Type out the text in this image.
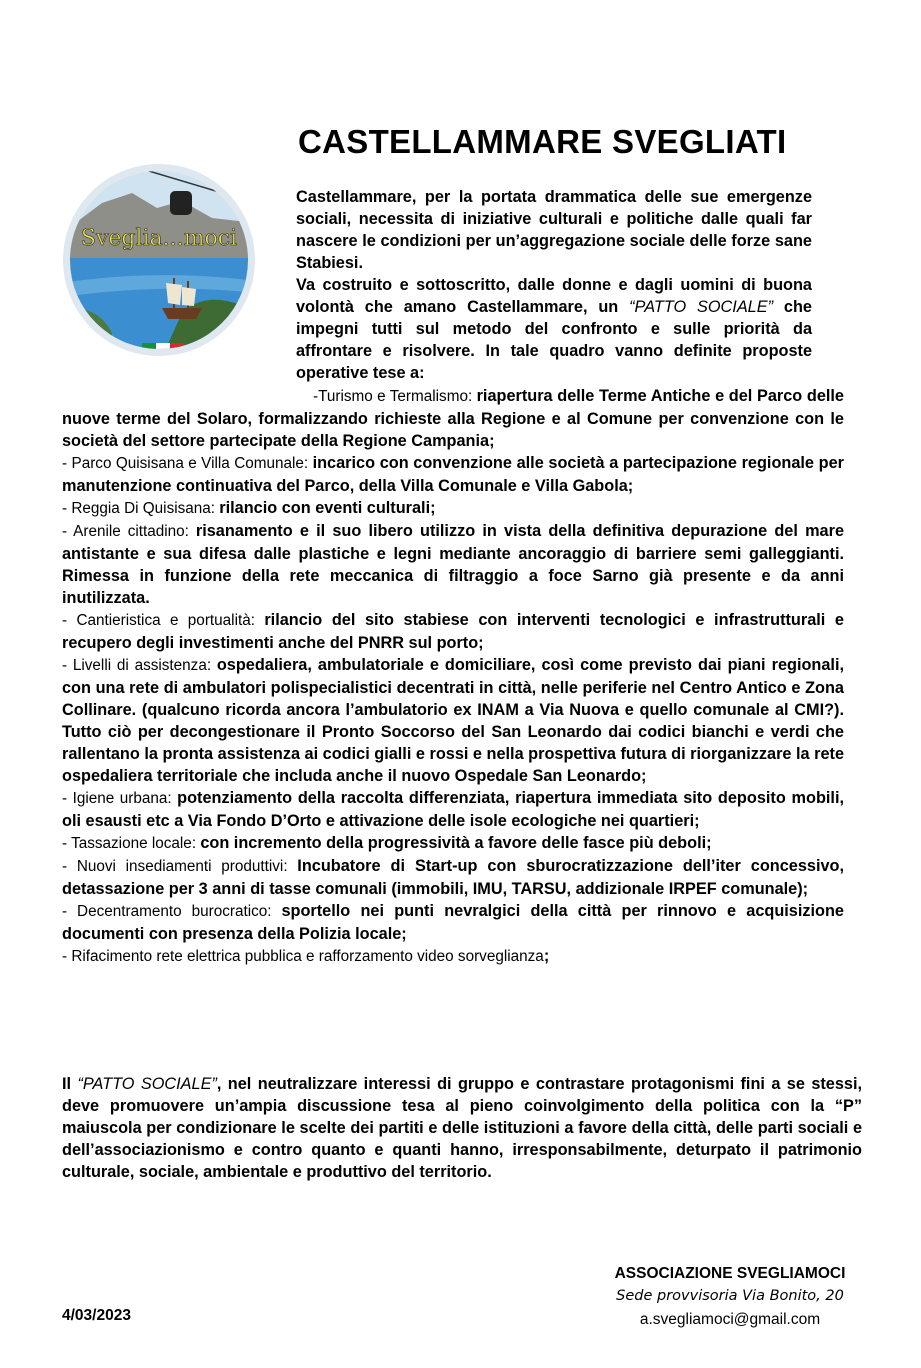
CASTELLAMMARE SVEGLIATI
Sveglia...moci

Castellammare, per la portata drammatica delle sue emergenze sociali, necessita di iniziative culturali e politiche dalle quali far nascere le condizioni per un’aggregazione sociale delle forze sane Stabiesi.

Va costruito e sottoscritto, dalle donne e dagli uomini di buona volontà che amano Castellammare, un “PATTO SOCIALE” che impegni tutti sul metodo del confronto e sulle priorità da affrontare e risolvere. In tale quadro vanno definite proposte operative tese a:

-Turismo e Termalismo: riapertura delle Terme Antiche e del Parco delle nuove terme del Solaro, formalizzando richieste alla Regione e al Comune per convenzione con le società del settore partecipate della Regione Campania;

- Parco Quisisana e Villa Comunale: incarico con convenzione alle società a partecipazione regionale per manutenzione continuativa del Parco, della Villa Comunale e Villa Gabola;

- Reggia Di Quisisana: rilancio con eventi culturali;

- Arenile cittadino: risanamento e il suo libero utilizzo in vista della definitiva depurazione del mare antistante e sua difesa dalle plastiche e legni mediante ancoraggio di barriere semi galleggianti. Rimessa in funzione della rete meccanica di filtraggio a foce Sarno già presente e da anni inutilizzata.

- Cantieristica e portualità: rilancio del sito stabiese con interventi tecnologici e infrastrutturali e recupero degli investimenti anche del PNRR sul porto;

- Livelli di assistenza: ospedaliera, ambulatoriale e domiciliare, così come previsto dai piani regionali, con una rete di ambulatori polispecialistici decentrati in città, nelle periferie nel Centro Antico e Zona Collinare. (qualcuno ricorda ancora l’ambulatorio ex INAM a Via Nuova e quello comunale al CMI?). Tutto ciò per decongestionare il Pronto Soccorso del San Leonardo dai codici bianchi e verdi che rallentano la pronta assistenza ai codici gialli e rossi e nella prospettiva futura di riorganizzare la rete ospedaliera territoriale che includa anche il nuovo Ospedale San Leonardo;

- Igiene urbana: potenziamento della raccolta differenziata, riapertura immediata sito deposito mobili, oli esausti etc a Via Fondo D’Orto e attivazione delle isole ecologiche nei quartieri;

- Tassazione locale: con incremento della progressività a favore delle fasce più deboli;

- Nuovi insediamenti produttivi: Incubatore di Start-up con sburocratizzazione dell’iter concessivo, detassazione per 3 anni di tasse comunali (immobili, IMU, TARSU, addizionale IRPEF comunale);

- Decentramento burocratico: sportello nei punti nevralgici della città per rinnovo e acquisizione documenti con presenza della Polizia locale;

- Rifacimento rete elettrica pubblica e rafforzamento video sorveglianza;

Il “PATTO SOCIALE”, nel neutralizzare interessi di gruppo e contrastare protagonismi fini a se stessi, deve promuovere un’ampia discussione tesa al pieno coinvolgimento della politica con la “P” maiuscola per condizionare le scelte dei partiti e delle istituzioni a favore della città, delle parti sociali e dell’associazionismo e contro quanto e quanti hanno, irresponsabilmente, deturpato il patrimonio culturale, sociale, ambientale e produttivo del territorio.

ASSOCIAZIONE SVEGLIAMOCI
Sede provvisoria Via Bonito, 20
a.svegliamoci@gmail.com
4/03/2023
